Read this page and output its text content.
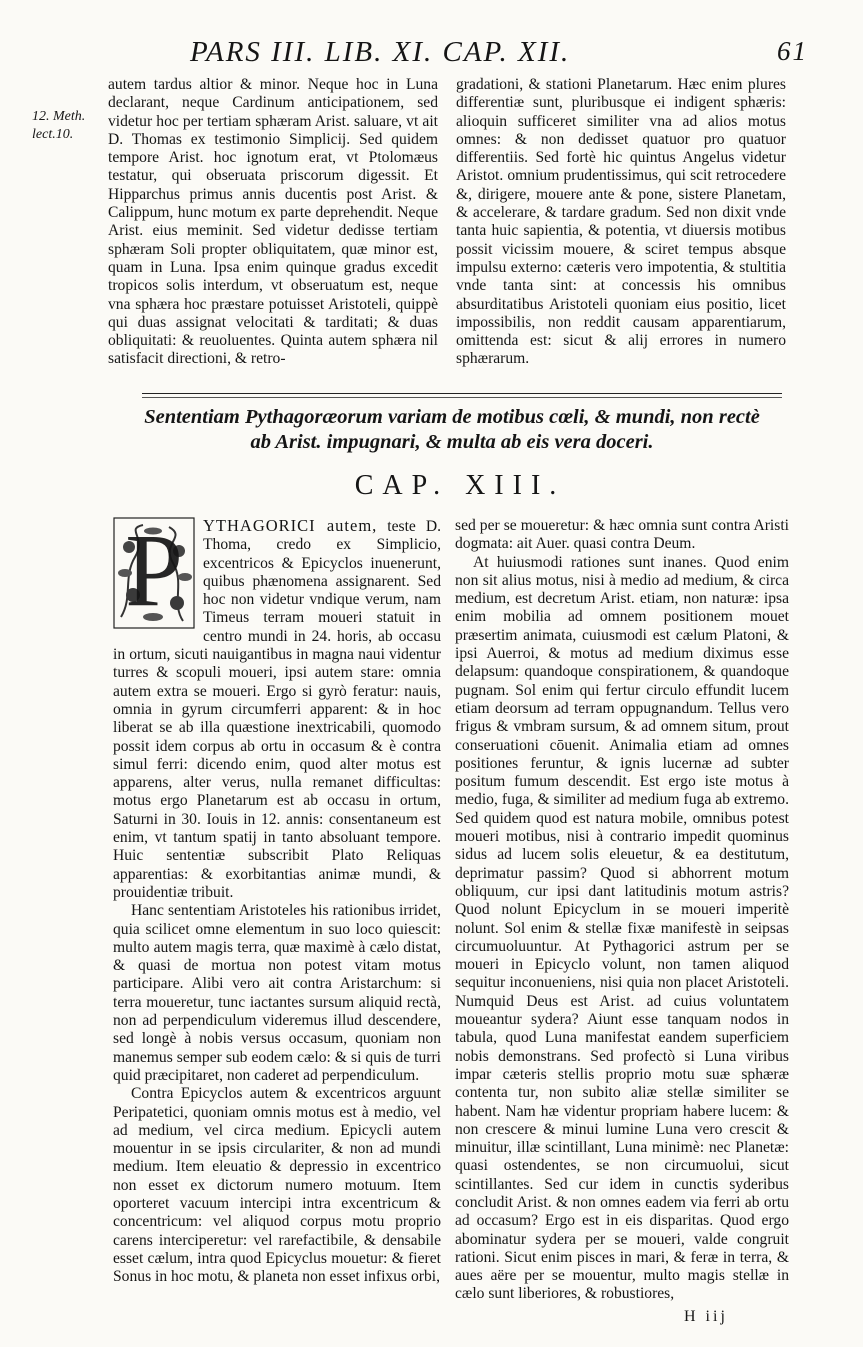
PARS III. LIB. XI. CAP. XII.	61
12. Meth.
lect.10.

autem tardus altior & minor. Neque hoc in Luna declarant, neque Cardinum anticipationem, sed videtur hoc per tertiam sphæram Arist. saluare, vt ait D. Thomas ex testimonio Simplicij. Sed quidem tempore Arist. hoc ignotum erat, vt Ptolomæus testatur, qui obseruata priscorum digessit. Et Hipparchus primus annis ducentis post Arist. & Calippum, hunc motum ex parte deprehendit. Neque Arist. eius meminit. Sed videtur dedisse tertiam sphæram Soli propter obliquitatem, quæ minor est, quam in Luna. Ipsa enim quinque gradus excedit tropicos solis interdum, vt obseruatum est, neque vna sphæra hoc præstare potuisset Aristoteli, quippè qui duas assignat velocitati & tarditati; & duas obliquitati: & reuoluentes. Quinta autem sphæra nil satisfacit directioni, & retro-

gradationi, & stationi Planetarum. Hæc enim plures differentiæ sunt, pluribusque ei indigent sphæris: alioquin sufficeret similiter vna ad alios motus omnes: & non dedisset quatuor pro quatuor differentiis. Sed fortè hic quintus Angelus videtur Aristot. omnium prudentissimus, qui scit retrocedere &, dirigere, mouere ante & pone, sistere Planetam, & accelerare, & tardare gradum. Sed non dixit vnde tanta huic sapientia, & potentia, vt diuersis motibus possit vicissim mouere, & sciret tempus absque impulsu externo: cæteris vero impotentia, & stultitia vnde tanta sint: at concessis his omnibus absurditatibus Aristoteli quoniam eius positio, licet impossibilis, non reddit causam apparentiarum, omittenda est: sicut & alij errores in numero sphærarum.

Sententiam Pythagoræorum variam de motibus cœli, & mundi, non rectè
ab Arist. impugnari, & multa ab eis vera doceri.
CAP. XIII.
P	YTHAGORICI autem, teste D. Thoma, credo ex Simplicio, excentricos & Epicyclos inuenerunt, quibus phænomena assignarent. Sed hoc non videtur vndique verum, nam Timeus terram moueri statuit in centro mundi in 24. horis, ab occasu in ortum, sicuti nauigantibus in magna naui videntur turres & scopuli moueri, ipsi autem stare: omnia autem extra se moueri. Ergo si gyrò feratur: nauis, omnia in gyrum circumferri apparent: & in hoc liberat se ab illa quæstione inextricabili, quomodo possit idem corpus ab ortu in occasum & è contra simul ferri: dicendo enim, quod alter motus est apparens, alter verus, nulla remanet difficultas: motus ergo Planetarum est ab occasu in ortum, Saturni in 30. Iouis in 12. annis: consentaneum est enim, vt tantum spatij in tanto absoluant tempore. Huic sententiæ subscribit Plato Reliquas apparentias: & exorbitantias animæ mundi, & prouidentiæ tribuit.

Hanc sententiam Aristoteles his rationibus irridet, quia scilicet omne elementum in suo loco quiescit: multo autem magis terra, quæ maximè à cælo distat, & quasi de mortua non potest vitam motus participare. Alibi vero ait contra Aristarchum: si terra moueretur, tunc iactantes sursum aliquid rectà, non ad perpendiculum videremus illud descendere, sed longè à nobis versus occasum, quoniam non manemus semper sub eodem cælo: & si quis de turri quid præcipitaret, non caderet ad perpendiculum.

Contra Epicyclos autem & excentricos arguunt Peripatetici, quoniam omnis motus est à medio, vel ad medium, vel circa medium. Epicycli autem mouentur in se ipsis circulariter, & non ad mundi medium. Item eleuatio & depressio in excentrico non esset ex dictorum numero motuum. Item oporteret vacuum intercipi intra excentricum & concentricum: vel aliquod corpus motu proprio carens interciperetur: vel rarefactibile, & densabile esset cælum, intra quod Epicyclus mouetur: & fieret Sonus in hoc motu, & planeta non esset infixus orbi,

sed per se moueretur: & hæc omnia sunt contra Aristi dogmata: ait Auer. quasi contra Deum.

At huiusmodi rationes sunt inanes. Quod enim non sit alius motus, nisi à medio ad medium, & circa medium, est decretum Arist. etiam, non naturæ: ipsa enim mobilia ad omnem positionem mouet præsertim animata, cuiusmodi est cælum Platoni, & ipsi Auerroi, & motus ad medium diximus esse delapsum: quandoque conspirationem, & quandoque pugnam. Sol enim qui fertur circulo effundit lucem etiam deorsum ad terram oppugnandum. Tellus vero frigus & vmbram sursum, & ad omnem situm, prout conseruationi cōuenit. Animalia etiam ad omnes positiones feruntur, & ignis lucernæ ad subter positum fumum descendit. Est ergo iste motus à medio, fuga, & similiter ad medium fuga ab extremo. Sed quidem quod est natura mobile, omnibus potest moueri motibus, nisi à contrario impedit quominus sidus ad lucem solis eleuetur, & ea destitutum, deprimatur passim? Quod si abhorrent motum obliquum, cur ipsi dant latitudinis motum astris? Quod nolunt Epicyclum in se moueri imperitè nolunt. Sol enim & stellæ fixæ manifestè in seipsas circumuoluuntur. At Pythagorici astrum per se moueri in Epicyclo volunt, non tamen aliquod sequitur inconueniens, nisi quia non placet Aristoteli. Numquid Deus est Arist. ad cuius voluntatem moueantur sydera? Aiunt esse tanquam nodos in tabula, quod Luna manifestat eandem superficiem nobis demonstrans. Sed profectò si Luna viribus impar cæteris stellis proprio motu suæ sphæræ contenta tur, non subito aliæ stellæ similiter se habent. Nam hæ videntur propriam habere lucem: & non crescere & minui lumine Luna vero crescit & minuitur, illæ scintillant, Luna minimè: nec Planetæ: quasi ostendentes, se non circumuolui, sicut scintillantes. Sed cur idem in cunctis syderibus concludit Arist. & non omnes eadem via ferri ab ortu ad occasum? Ergo est in eis disparitas. Quod ergo abominatur sydera per se moueri, valde congruit rationi. Sicut enim pisces in mari, & feræ in terra, & aues aëre per se mouentur, multo magis stellæ in cælo sunt liberiores, & robustiores,

H iij
